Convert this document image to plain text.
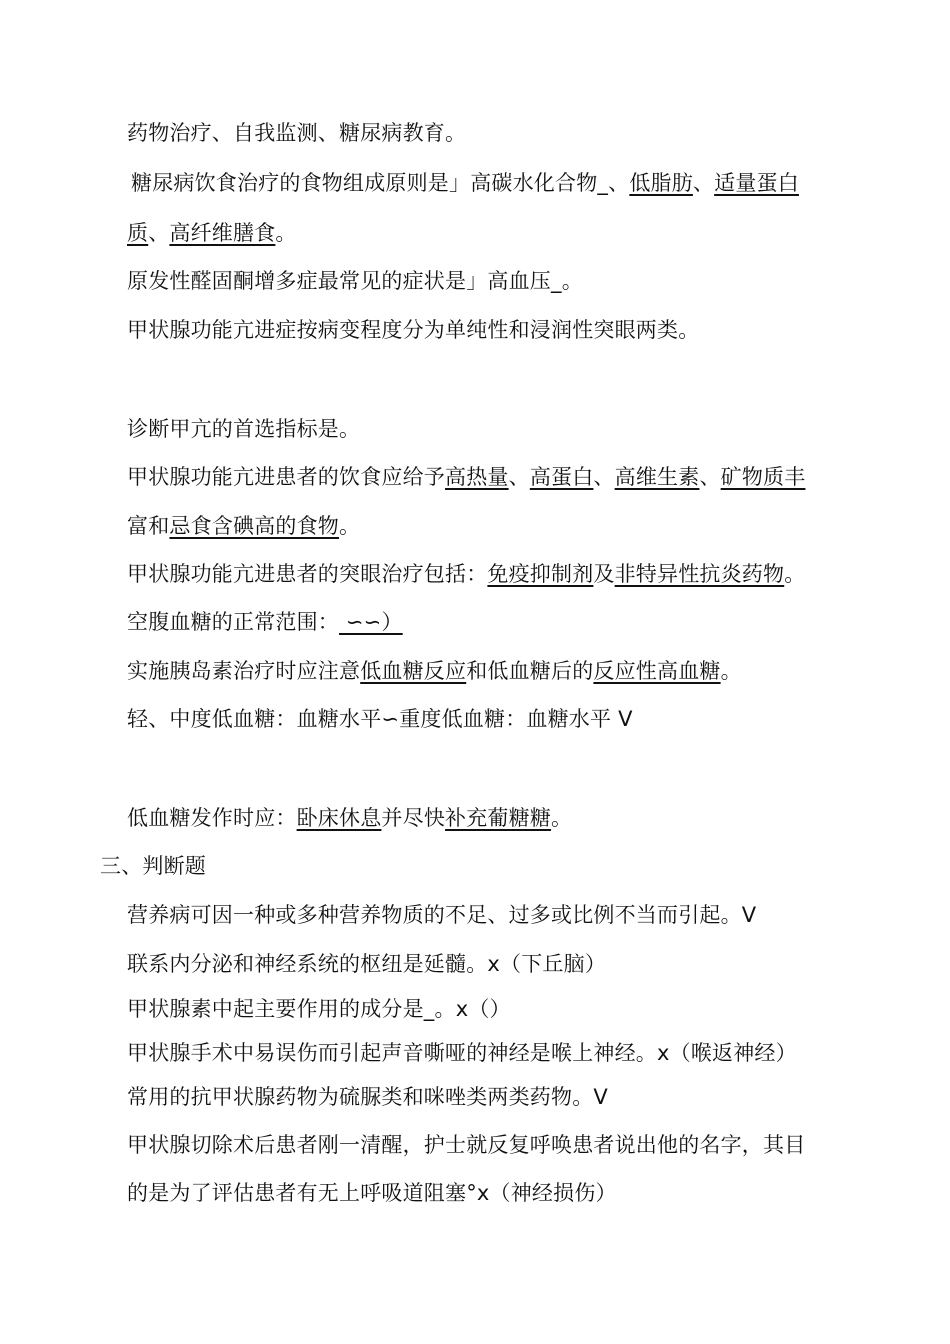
药物治疗、自我监测、糖尿病教育。
糖尿病饮食治疗的食物组成原则是」高碳水化合物_、低脂肪、适量蛋白
质、高纤维膳食。
原发性醛固酮增多症最常见的症状是」高血压_。
甲状腺功能亢进症按病变程度分为单纯性和浸润性突眼两类。
诊断甲亢的首选指标是。
甲状腺功能亢进患者的饮食应给予高热量、高蛋白、高维生素、矿物质丰
富和忌食含碘高的食物。
甲状腺功能亢进患者的突眼治疗包括：免疫抑制剂及非特异性抗炎药物。
空腹血糖的正常范围： ∽∽）
实施胰岛素治疗时应注意低血糖反应和低血糖后的反应性高血糖。
轻、中度低血糖：血糖水平∽重度低血糖：血糖水平 V
低血糖发作时应：卧床休息并尽快补充葡糖糖。
三、判断题
营养病可因一种或多种营养物质的不足、过多或比例不当而引起。V
联系内分泌和神经系统的枢纽是延髓。x（下丘脑）
甲状腺素中起主要作用的成分是_。x（）
甲状腺手术中易误伤而引起声音嘶哑的神经是喉上神经。x（喉返神经）
常用的抗甲状腺药物为硫脲类和咪唑类两类药物。V
甲状腺切除术后患者刚一清醒，护士就反复呼唤患者说出他的名字，其目
的是为了评估患者有无上呼吸道阻塞°x（神经损伤）
